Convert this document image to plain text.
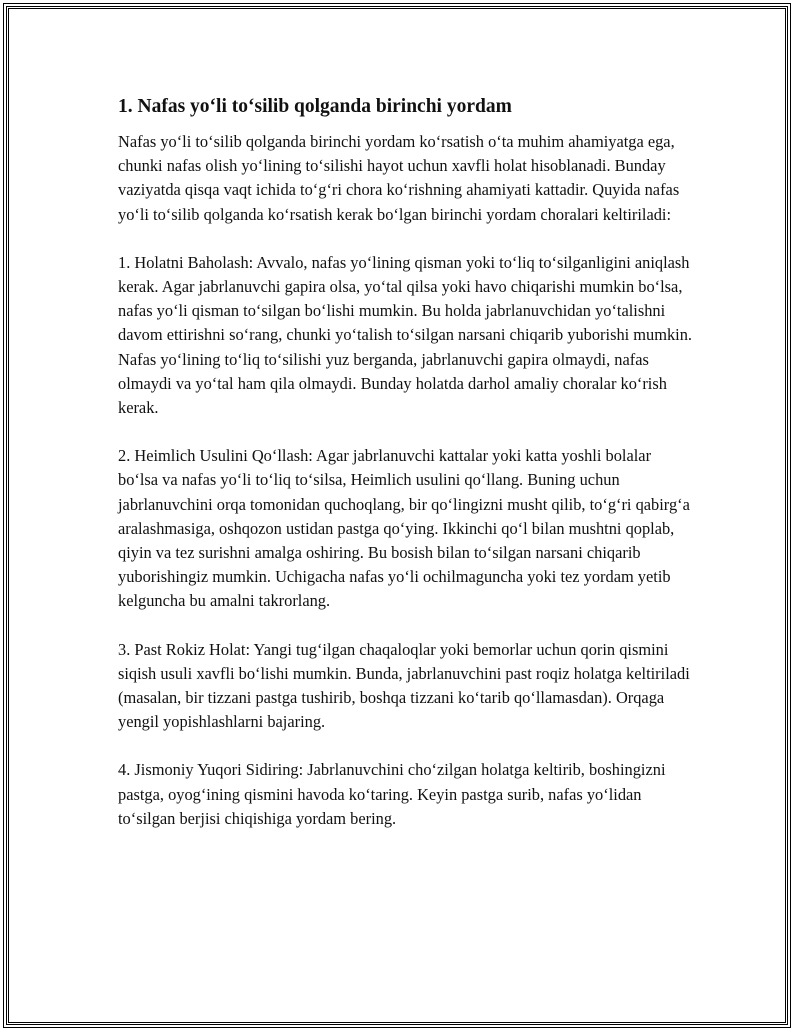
1. Nafas yo‘li to‘silib qolganda birinchi yordam

Nafas yo‘li to‘silib qolganda birinchi yordam ko‘rsatish o‘ta muhim ahamiyatga ega, chunki nafas olish yo‘lining to‘silishi hayot uchun xavfli holat hisoblanadi. Bunday vaziyatda qisqa vaqt ichida to‘g‘ri chora ko‘rishning ahamiyati kattadir. Quyida nafas yo‘li to‘silib qolganda ko‘rsatish kerak bo‘lgan birinchi yordam choralari keltiriladi:

1. Holatni Baholash: Avvalo, nafas yo‘lining qisman yoki to‘liq to‘silganligini aniqlash kerak. Agar jabrlanuvchi gapira olsa, yo‘tal qilsa yoki havo chiqarishi mumkin bo‘lsa, nafas yo‘li qisman to‘silgan bo‘lishi mumkin. Bu holda jabrlanuvchidan yo‘talishni davom ettirishni so‘rang, chunki yo‘talish to‘silgan narsani chiqarib yuborishi mumkin. Nafas yo‘lining to‘liq to‘silishi yuz berganda, jabrlanuvchi gapira olmaydi, nafas olmaydi va yo‘tal ham qila olmaydi. Bunday holatda darhol amaliy choralar ko‘rish kerak.

2. Heimlich Usulini Qo‘llash: Agar jabrlanuvchi kattalar yoki katta yoshli bolalar bo‘lsa va nafas yo‘li to‘liq to‘silsa, Heimlich usulini qo‘llang. Buning uchun jabrlanuvchini orqa tomonidan quchoqlang, bir qo‘lingizni musht qilib, to‘g‘ri qabirg‘a aralashmasiga, oshqozon ustidan pastga qo‘ying. Ikkinchi qo‘l bilan mushtni qoplab, qiyin va tez surishni amalga oshiring. Bu bosish bilan to‘silgan narsani chiqarib yuborishingiz mumkin. Uchigacha nafas yo‘li ochilmaguncha yoki tez yordam yetib kelguncha bu amalni takrorlang.

3. Past Rokiz Holat: Yangi tug‘ilgan chaqaloqlar yoki bemorlar uchun qorin qismini siqish usuli xavfli bo‘lishi mumkin. Bunda, jabrlanuvchini past roqiz holatga keltiriladi (masalan, bir tizzani pastga tushirib, boshqa tizzani ko‘tarib qo‘llamasdan). Orqaga yengil yopishlashlarni bajaring.

4. Jismoniy Yuqori Sidiring: Jabrlanuvchini cho‘zilgan holatga keltirib, boshingizni pastga, oyog‘ining qismini havoda ko‘taring. Keyin pastga surib, nafas yo‘lidan to‘silgan berjisi chiqishiga yordam bering.
